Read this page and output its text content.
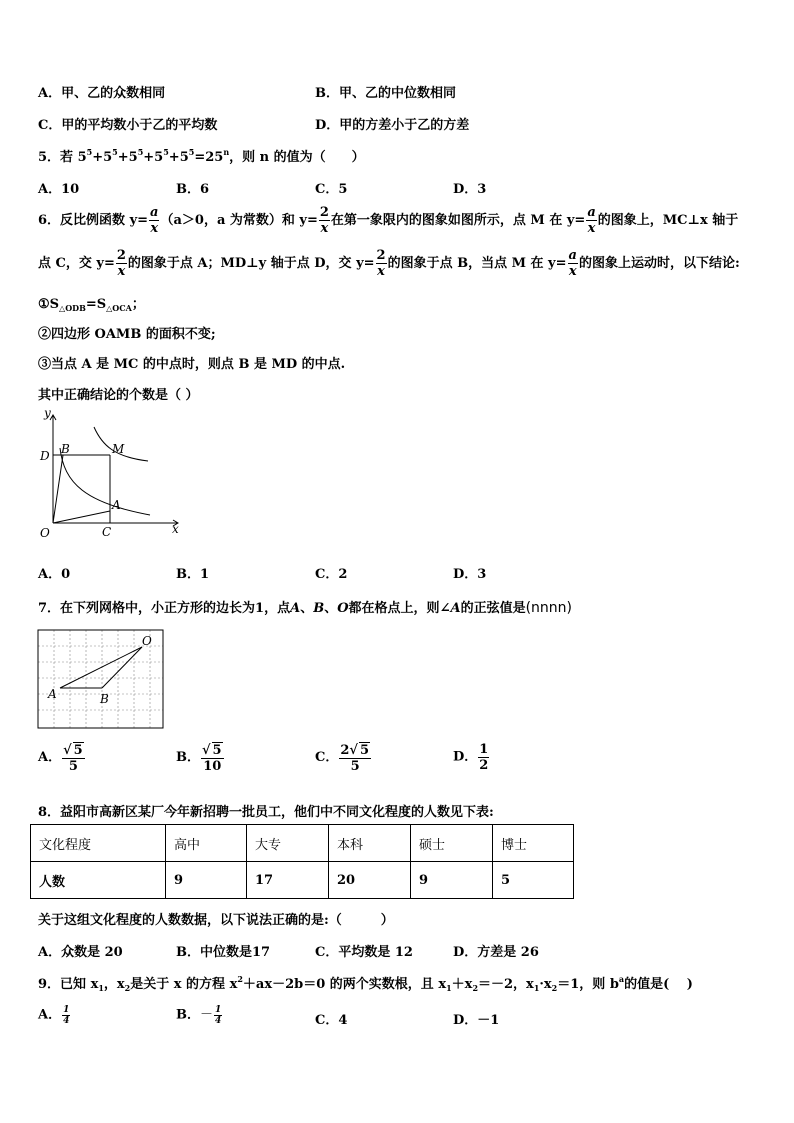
A．甲、乙的众数相同	B．甲、乙的中位数相同
C．甲的平均数小于乙的平均数	D．甲的方差小于乙的方差
5．若 $5^5+5^5+5^5+5^5+5^5=25^n$，则 n 的值为（　　）
A．10	B．6	C．5	D．3
6．反比例函数 $y= \frac{a}{x} (a>0$，a 为常数）和 $y= \frac{2}{x}$ 在第一象限内的图象如图所示，点 M 在 $y= \frac{a}{x}$ 的图象上，MC⊥x 轴于
点 C，交 $y= \frac{2}{x}$ 的图象于点 A；MD⊥y 轴于点 D，交 $y= \frac{2}{x}$ 的图象于点 B，当点 M 在 $y= \frac{a}{x}$ 的图象上运动时，以下结论:
$①S_{\triangle ODB}=S_{\triangle OCA}$；
②四边形 OAMB 的面积不变;
③当点 A 是 MC 的中点时，则点 B 是 MD 的中点.
其中正确结论的个数是（ ）
y
x
O
D B	M
A
C
A．0	B．1	C．2	D．3
7．在下列网格中，小正方形的边长为1，点A、B、O都在格点上，则∠A的正弦值是(nnnn)
O
A	B
A． $\frac{√ 5}{5}$	B． $\frac{√ 5}{10}$	C． $\frac{2√ 5}{5}$	D． $\frac{1}{2}$
8．益阳市高新区某厂今年新招聘一批员工，他们中不同文化程度的人数见下表:
文化程度	高中	大专	本科	硕士	博士
人数	9	17	20	9	5
关于这组文化程度的人数数据，以下说法正确的是:（　　　）
A．众数是 20	B．中位数是17	C．平均数是 12	D．方差是 26
9．已知 $x_1$，$x_2$是关于 x 的方程 $x^2+ax-2b=0$ 的两个实数根，且 $x_1+x_2=-2$，$x_1\cdot x_2=1$，则 $b^a$的值是(　 )
A． $\frac{1}{4}$	B．－ $\frac{1}{4}$	C．4	D．－1
